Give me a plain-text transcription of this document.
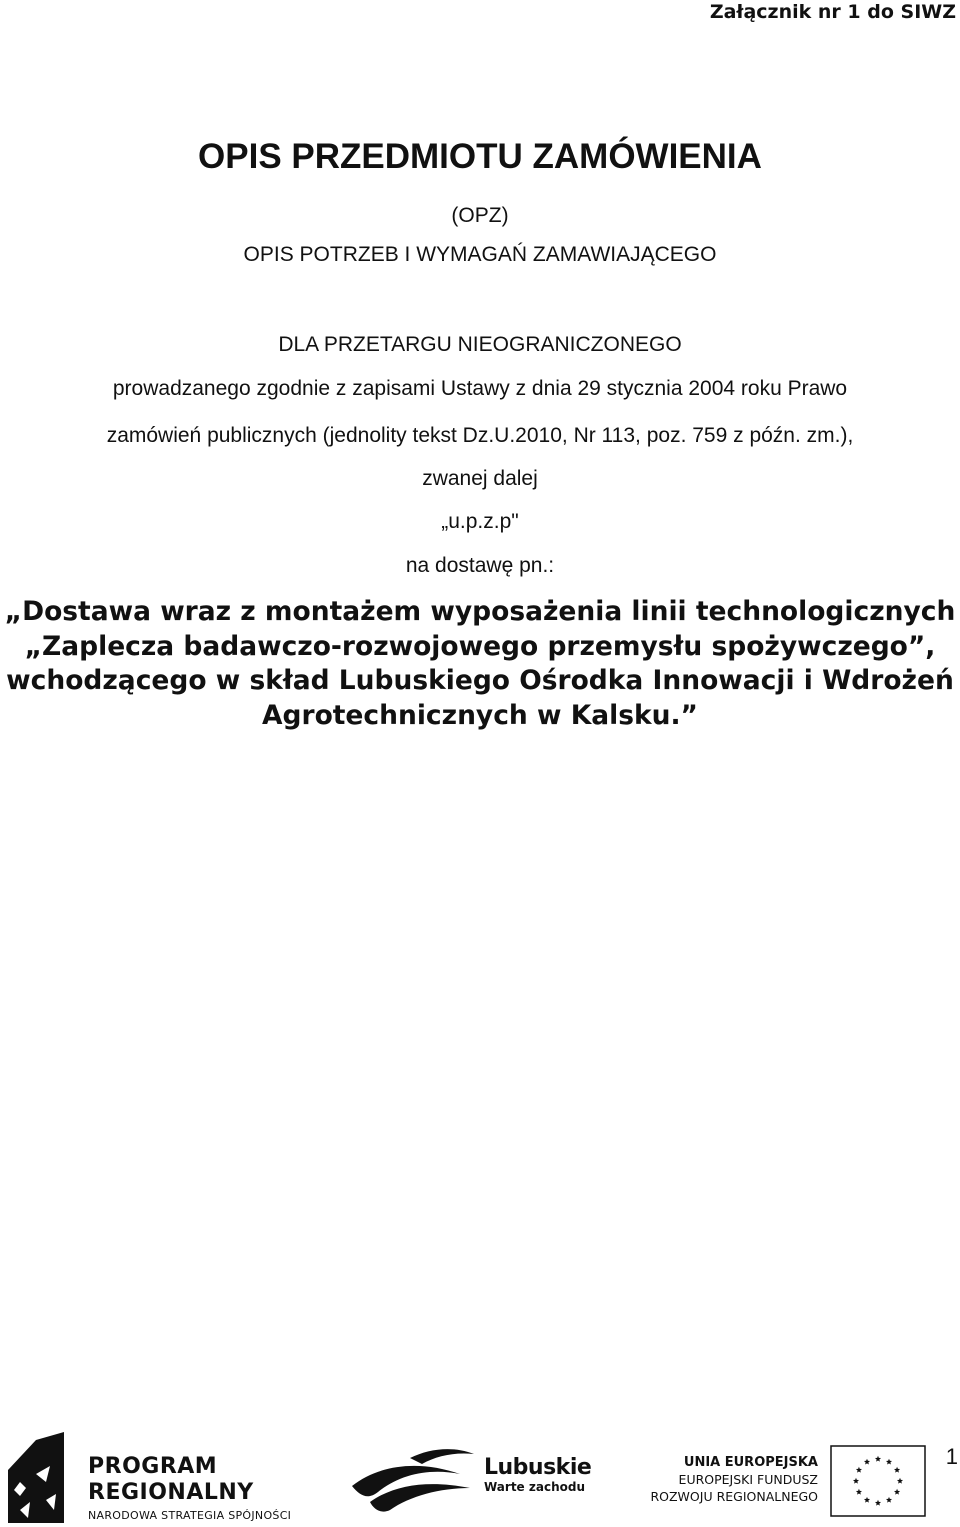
Załącznik nr 1 do SIWZ
OPIS PRZEDMIOTU ZAMÓWIENIA
(OPZ)
OPIS POTRZEB I WYMAGAŃ ZAMAWIAJĄCEGO
DLA PRZETARGU NIEOGRANICZONEGO
prowadzanego zgodnie z zapisami Ustawy z dnia 29 stycznia 2004 roku Prawo
zamówień publicznych (jednolity tekst Dz.U.2010, Nr 113, poz. 759 z późn. zm.),
zwanej dalej
„u.p.z.p"
na dostawę pn.:
„Dostawa wraz z montażem wyposażenia linii technologicznych
„Zaplecza badawczo-rozwojowego przemysłu spożywczego”,
wchodzącego w skład Lubuskiego Ośrodka Innowacji i Wdrożeń
Agrotechnicznych w Kalsku.”
PROGRAM
REGIONALNY
NARODOWA STRATEGIA SPÓJNOŚCI
Lubuskie
Warte zachodu
UNIA EUROPEJSKA
EUROPEJSKI FUNDUSZ
ROZWOJU REGIONALNEGO
1
